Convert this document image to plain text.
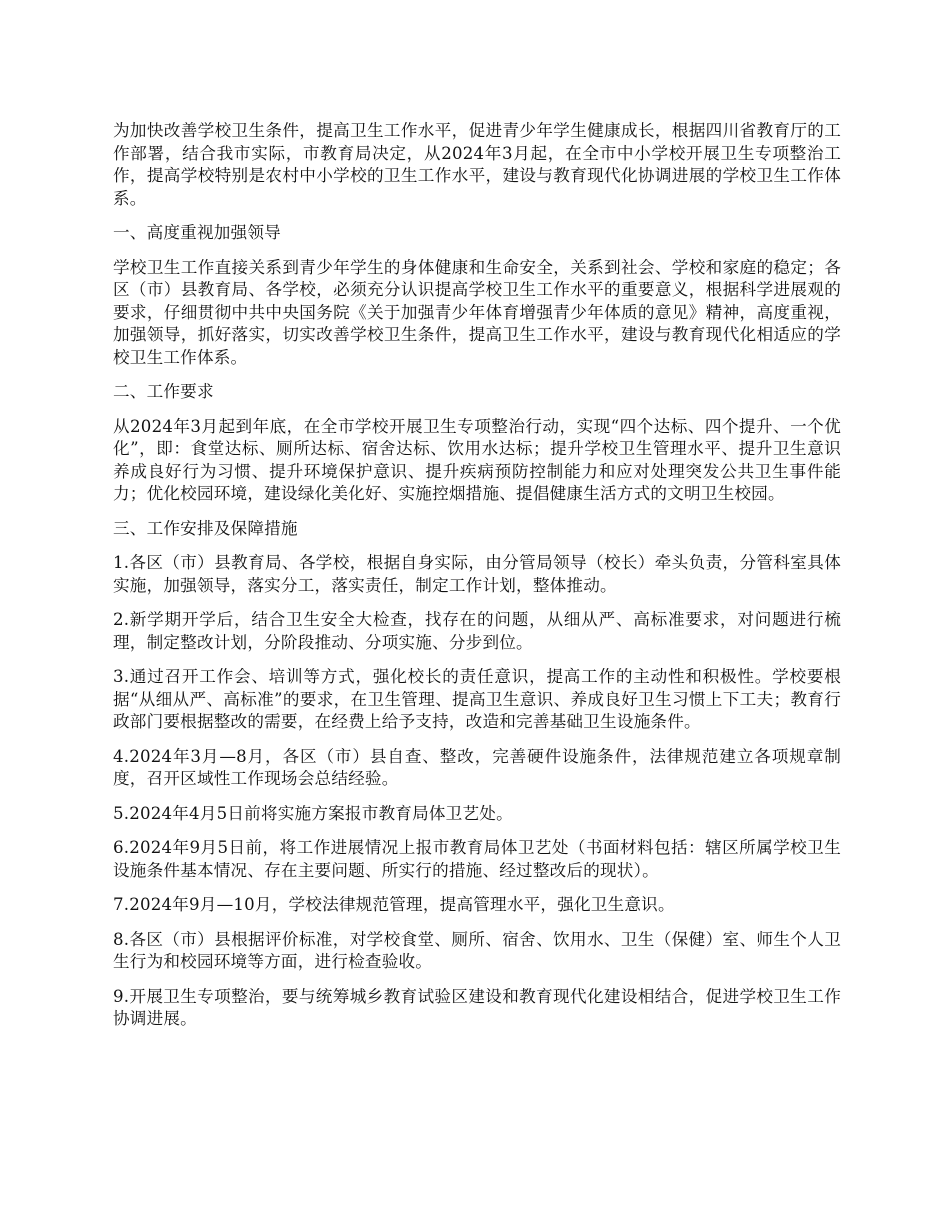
为加快改善学校卫生条件，提高卫生工作水平，促进青少年学生健康成长，根据四川省教育厅的工作部署，结合我市实际，市教育局决定，从2024年3月起，在全市中小学校开展卫生专项整治工作，提高学校特别是农村中小学校的卫生工作水平，建设与教育现代化协调进展的学校卫生工作体系。

一、高度重视加强领导

学校卫生工作直接关系到青少年学生的身体健康和生命安全，关系到社会、学校和家庭的稳定；各区（市）县教育局、各学校，必须充分认识提高学校卫生工作水平的重要意义，根据科学进展观的要求，仔细贯彻中共中央国务院《关于加强青少年体育增强青少年体质的意见》精神，高度重视，加强领导，抓好落实，切实改善学校卫生条件，提高卫生工作水平，建设与教育现代化相适应的学校卫生工作体系。

二、工作要求

从2024年3月起到年底，在全市学校开展卫生专项整治行动，实现“四个达标、四个提升、一个优化”，即：食堂达标、厕所达标、宿舍达标、饮用水达标；提升学校卫生管理水平、提升卫生意识养成良好行为习惯、提升环境保护意识、提升疾病预防控制能力和应对处理突发公共卫生事件能力；优化校园环境，建设绿化美化好、实施控烟措施、提倡健康生活方式的文明卫生校园。

三、工作安排及保障措施

1.各区（市）县教育局、各学校，根据自身实际，由分管局领导（校长）牵头负责，分管科室具体实施，加强领导，落实分工，落实责任，制定工作计划，整体推动。

2.新学期开学后，结合卫生安全大检查，找存在的问题，从细从严、高标准要求，对问题进行梳理，制定整改计划，分阶段推动、分项实施、分步到位。

3.通过召开工作会、培训等方式，强化校长的责任意识，提高工作的主动性和积极性。学校要根据“从细从严、高标准”的要求，在卫生管理、提高卫生意识、养成良好卫生习惯上下工夫；教育行政部门要根据整改的需要，在经费上给予支持，改造和完善基础卫生设施条件。

4.2024年3月—8月，各区（市）县自查、整改，完善硬件设施条件，法律规范建立各项规章制度，召开区域性工作现场会总结经验。

5.2024年4月5日前将实施方案报市教育局体卫艺处。

6.2024年9月5日前，将工作进展情况上报市教育局体卫艺处（书面材料包括：辖区所属学校卫生设施条件基本情况、存在主要问题、所实行的措施、经过整改后的现状）。

7.2024年9月—10月，学校法律规范管理，提高管理水平，强化卫生意识。

8.各区（市）县根据评价标准，对学校食堂、厕所、宿舍、饮用水、卫生（保健）室、师生个人卫生行为和校园环境等方面，进行检查验收。

9.开展卫生专项整治，要与统筹城乡教育试验区建设和教育现代化建设相结合，促进学校卫生工作协调进展。
